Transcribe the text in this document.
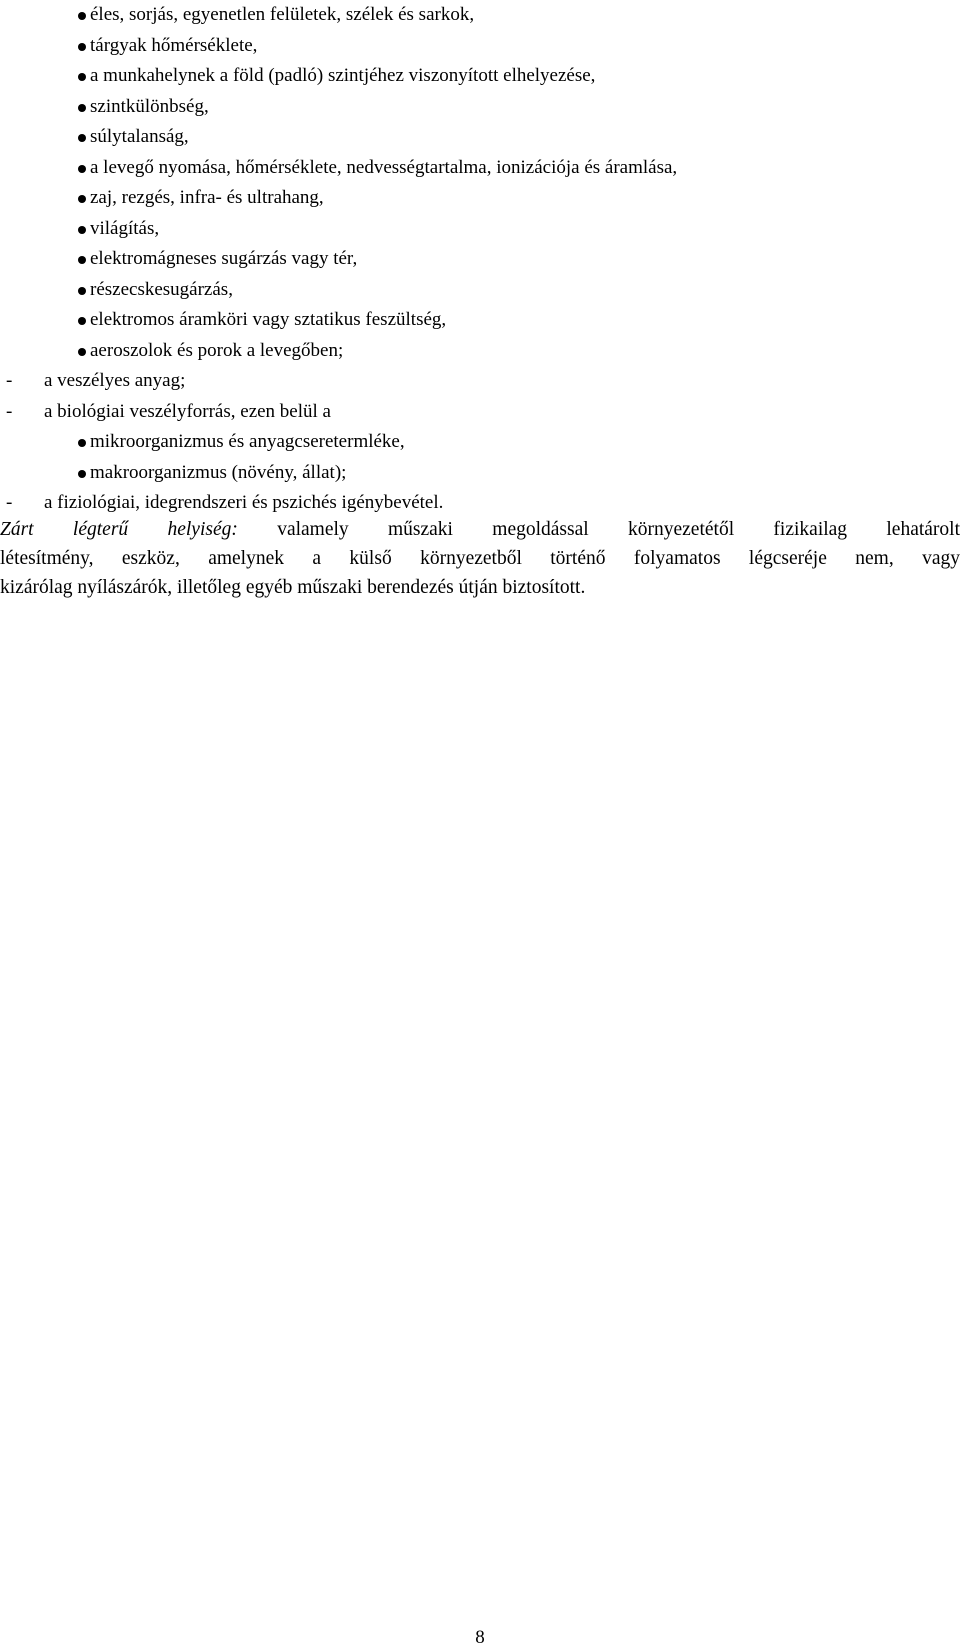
éles, sorjás, egyenetlen felületek, szélek és sarkok,
tárgyak hőmérséklete,
a munkahelynek a föld (padló) szintjéhez viszonyított elhelyezése,
szintkülönbség,
súlytalanság,
a levegő nyomása, hőmérséklete, nedvességtartalma, ionizációja és áramlása,
zaj, rezgés, infra- és ultrahang,
világítás,
elektromágneses sugárzás vagy tér,
részecskesugárzás,
elektromos áramköri vagy sztatikus feszültség,
aeroszolok és porok a levegőben;
- a veszélyes anyag;
- a biológiai veszélyforrás, ezen belül a
mikroorganizmus és anyagcseretermléke,
makroorganizmus (növény, állat);
- a fiziológiai, idegrendszeri és pszichés igénybevétel.
Zárt légterű helyiség: valamely műszaki megoldással környezetétől fizikailag lehatárolt
létesítmény, eszköz, amelynek a külső környezetből történő folyamatos légcseréje nem, vagy
kizárólag nyílászárók, illetőleg egyéb műszaki berendezés útján biztosított.
8
